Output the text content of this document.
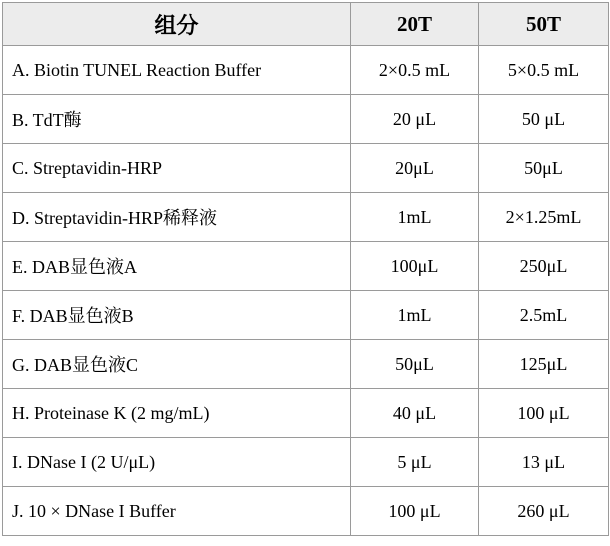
组分	20T	50T
A. Biotin TUNEL Reaction Buffer	2×0.5 mL	5×0.5 mL
B. TdT酶	20 μL	50 μL
C. Streptavidin-HRP	20μL	50μL
D. Streptavidin-HRP稀释液	1mL	2×1.25mL
E. DAB显色液A	100μL	250μL
F. DAB显色液B	1mL	2.5mL
G. DAB显色液C	50μL	125μL
H. Proteinase K (2 mg/mL)	40 μL	100 μL
I. DNase I (2 U/μL)	5 μL	13 μL
J. 10 × DNase I Buffer	100 μL	260 μL
